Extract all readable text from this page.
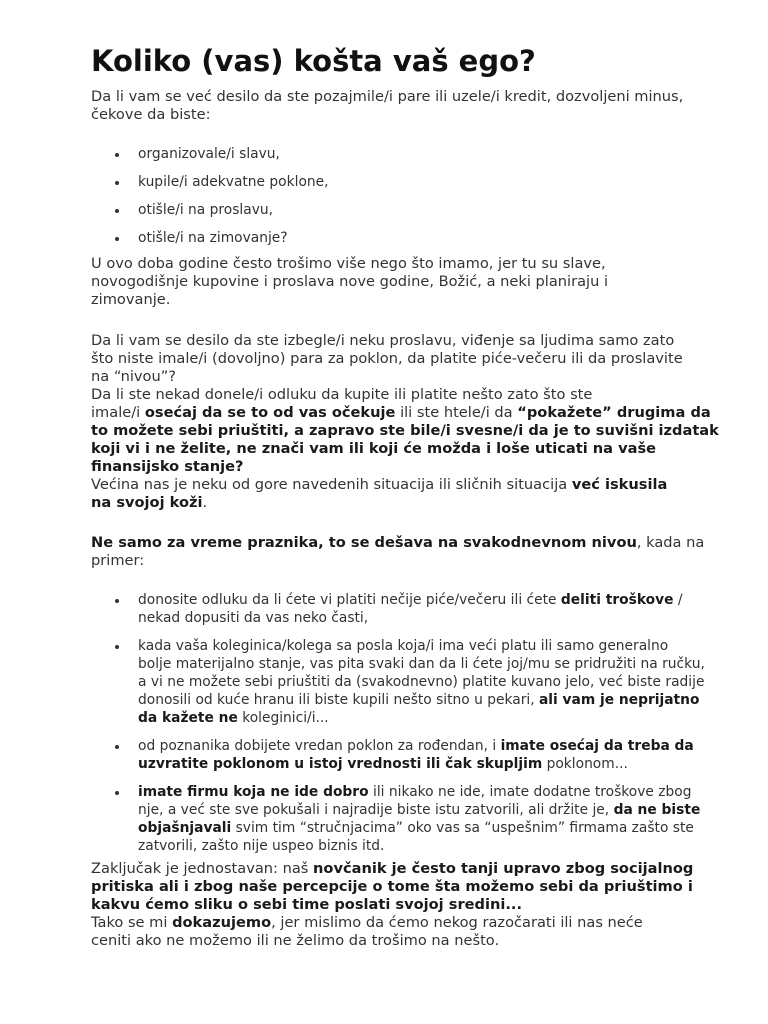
Koliko (vas) košta vaš ego?

Da li vam se već desilo da ste pozajmile/i pare ili uzele/i kredit, dozvoljeni minus,
čekove da biste:

organizovale/i slavu,
kupile/i adekvatne poklone,
otišle/i na proslavu,
otišle/i na zimovanje?

U ovo doba godine često trošimo više nego što imamo, jer tu su slave,
novogodišnje kupovine i proslava nove godine, Božić, a neki planiraju i
zimovanje.

Da li vam se desilo da ste izbegle/i neku proslavu, viđenje sa ljudima samo zato
što niste imale/i (dovoljno) para za poklon, da platite piće-večeru ili da proslavite
na “nivou”?
Da li ste nekad donele/i odluku da kupite ili platite nešto zato što ste
imale/i osećaj da se to od vas očekuje ili ste htele/i da “pokažete” drugima da
to možete sebi priuštiti, a zapravo ste bile/i svesne/i da je to suvišni izdatak
koji vi i ne želite, ne znači vam ili koji će možda i loše uticati na vaše
finansijsko stanje?
Većina nas je neku od gore navedenih situacija ili sličnih situacija već iskusila
na svojoj koži.

Ne samo za vreme praznika, to se dešava na svakodnevnom nivou, kada na
primer:

donosite odluku da li ćete vi platiti nečije piće/večeru ili ćete deliti troškove /
nekad dopusiti da vas neko časti,
kada vaša koleginica/kolega sa posla koja/i ima veći platu ili samo generalno
bolje materijalno stanje, vas pita svaki dan da li ćete joj/mu se pridružiti na ručku,
a vi ne možete sebi priuštiti da (svakodnevno) platite kuvano jelo, već biste radije
donosili od kuće hranu ili biste kupili nešto sitno u pekari, ali vam je neprijatno
da kažete ne koleginici/i...
od poznanika dobijete vredan poklon za rođendan, i imate osećaj da treba da
uzvratite poklonom u istoj vrednosti ili čak skupljim poklonom...
imate firmu koja ne ide dobro ili nikako ne ide, imate dodatne troškove zbog
nje, a već ste sve pokušali i najradije biste istu zatvorili, ali držite je, da ne biste
objašnjavali svim tim “stručnjacima” oko vas sa “uspešnim” firmama zašto ste
zatvorili, zašto nije uspeo biznis itd.

Zaključak je jednostavan: naš novčanik je često tanji upravo zbog socijalnog
pritiska ali i zbog naše percepcije o tome šta možemo sebi da priuštimo i
kakvu ćemo sliku o sebi time poslati svojoj sredini...
Tako se mi dokazujemo, jer mislimo da ćemo nekog razočarati ili nas neće
ceniti ako ne možemo ili ne želimo da trošimo na nešto.
